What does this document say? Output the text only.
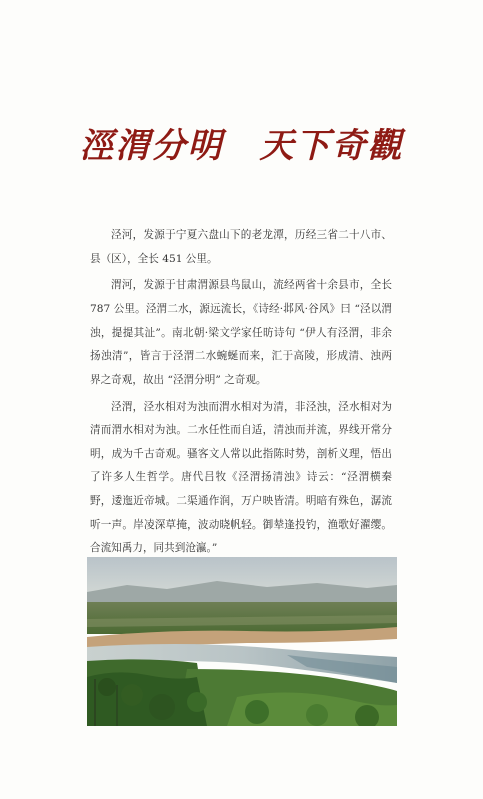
涇渭分明　天下奇觀

泾河，发源于宁夏六盘山下的老龙潭，历经三省二十八市、县（区），全长 451 公里。

渭河，发源于甘肃渭源县鸟鼠山，流经两省十余县市，全长 787 公里。泾渭二水，源远流长，《诗经·邶风·谷风》曰 “泾以渭浊，提提其沚”。南北朝·梁文学家任昉诗句 “伊人有泾渭，非余扬浊清”，皆言于泾渭二水蜿蜒而来，汇于高陵，形成清、浊两界之奇观，故出 “泾渭分明” 之奇观。

泾渭，泾水相对为浊而渭水相对为清，非泾浊，泾水相对为清而渭水相对为浊。二水任性而自适，清浊而并流，界线开常分明，成为千古奇观。骚客文人常以此指陈时势，剖析义理，悟出了许多人生哲学。唐代吕牧《泾渭扬清浊》诗云：“泾渭横秦野，逶迤近帝城。二渠通作润，万户映皆清。明暗有殊色，潺流听一声。岸凌深草掩，波动晓帆轻。御辇逢投钓，渔歌好濯缨。合流知禹力，同共到沧瀛。”
